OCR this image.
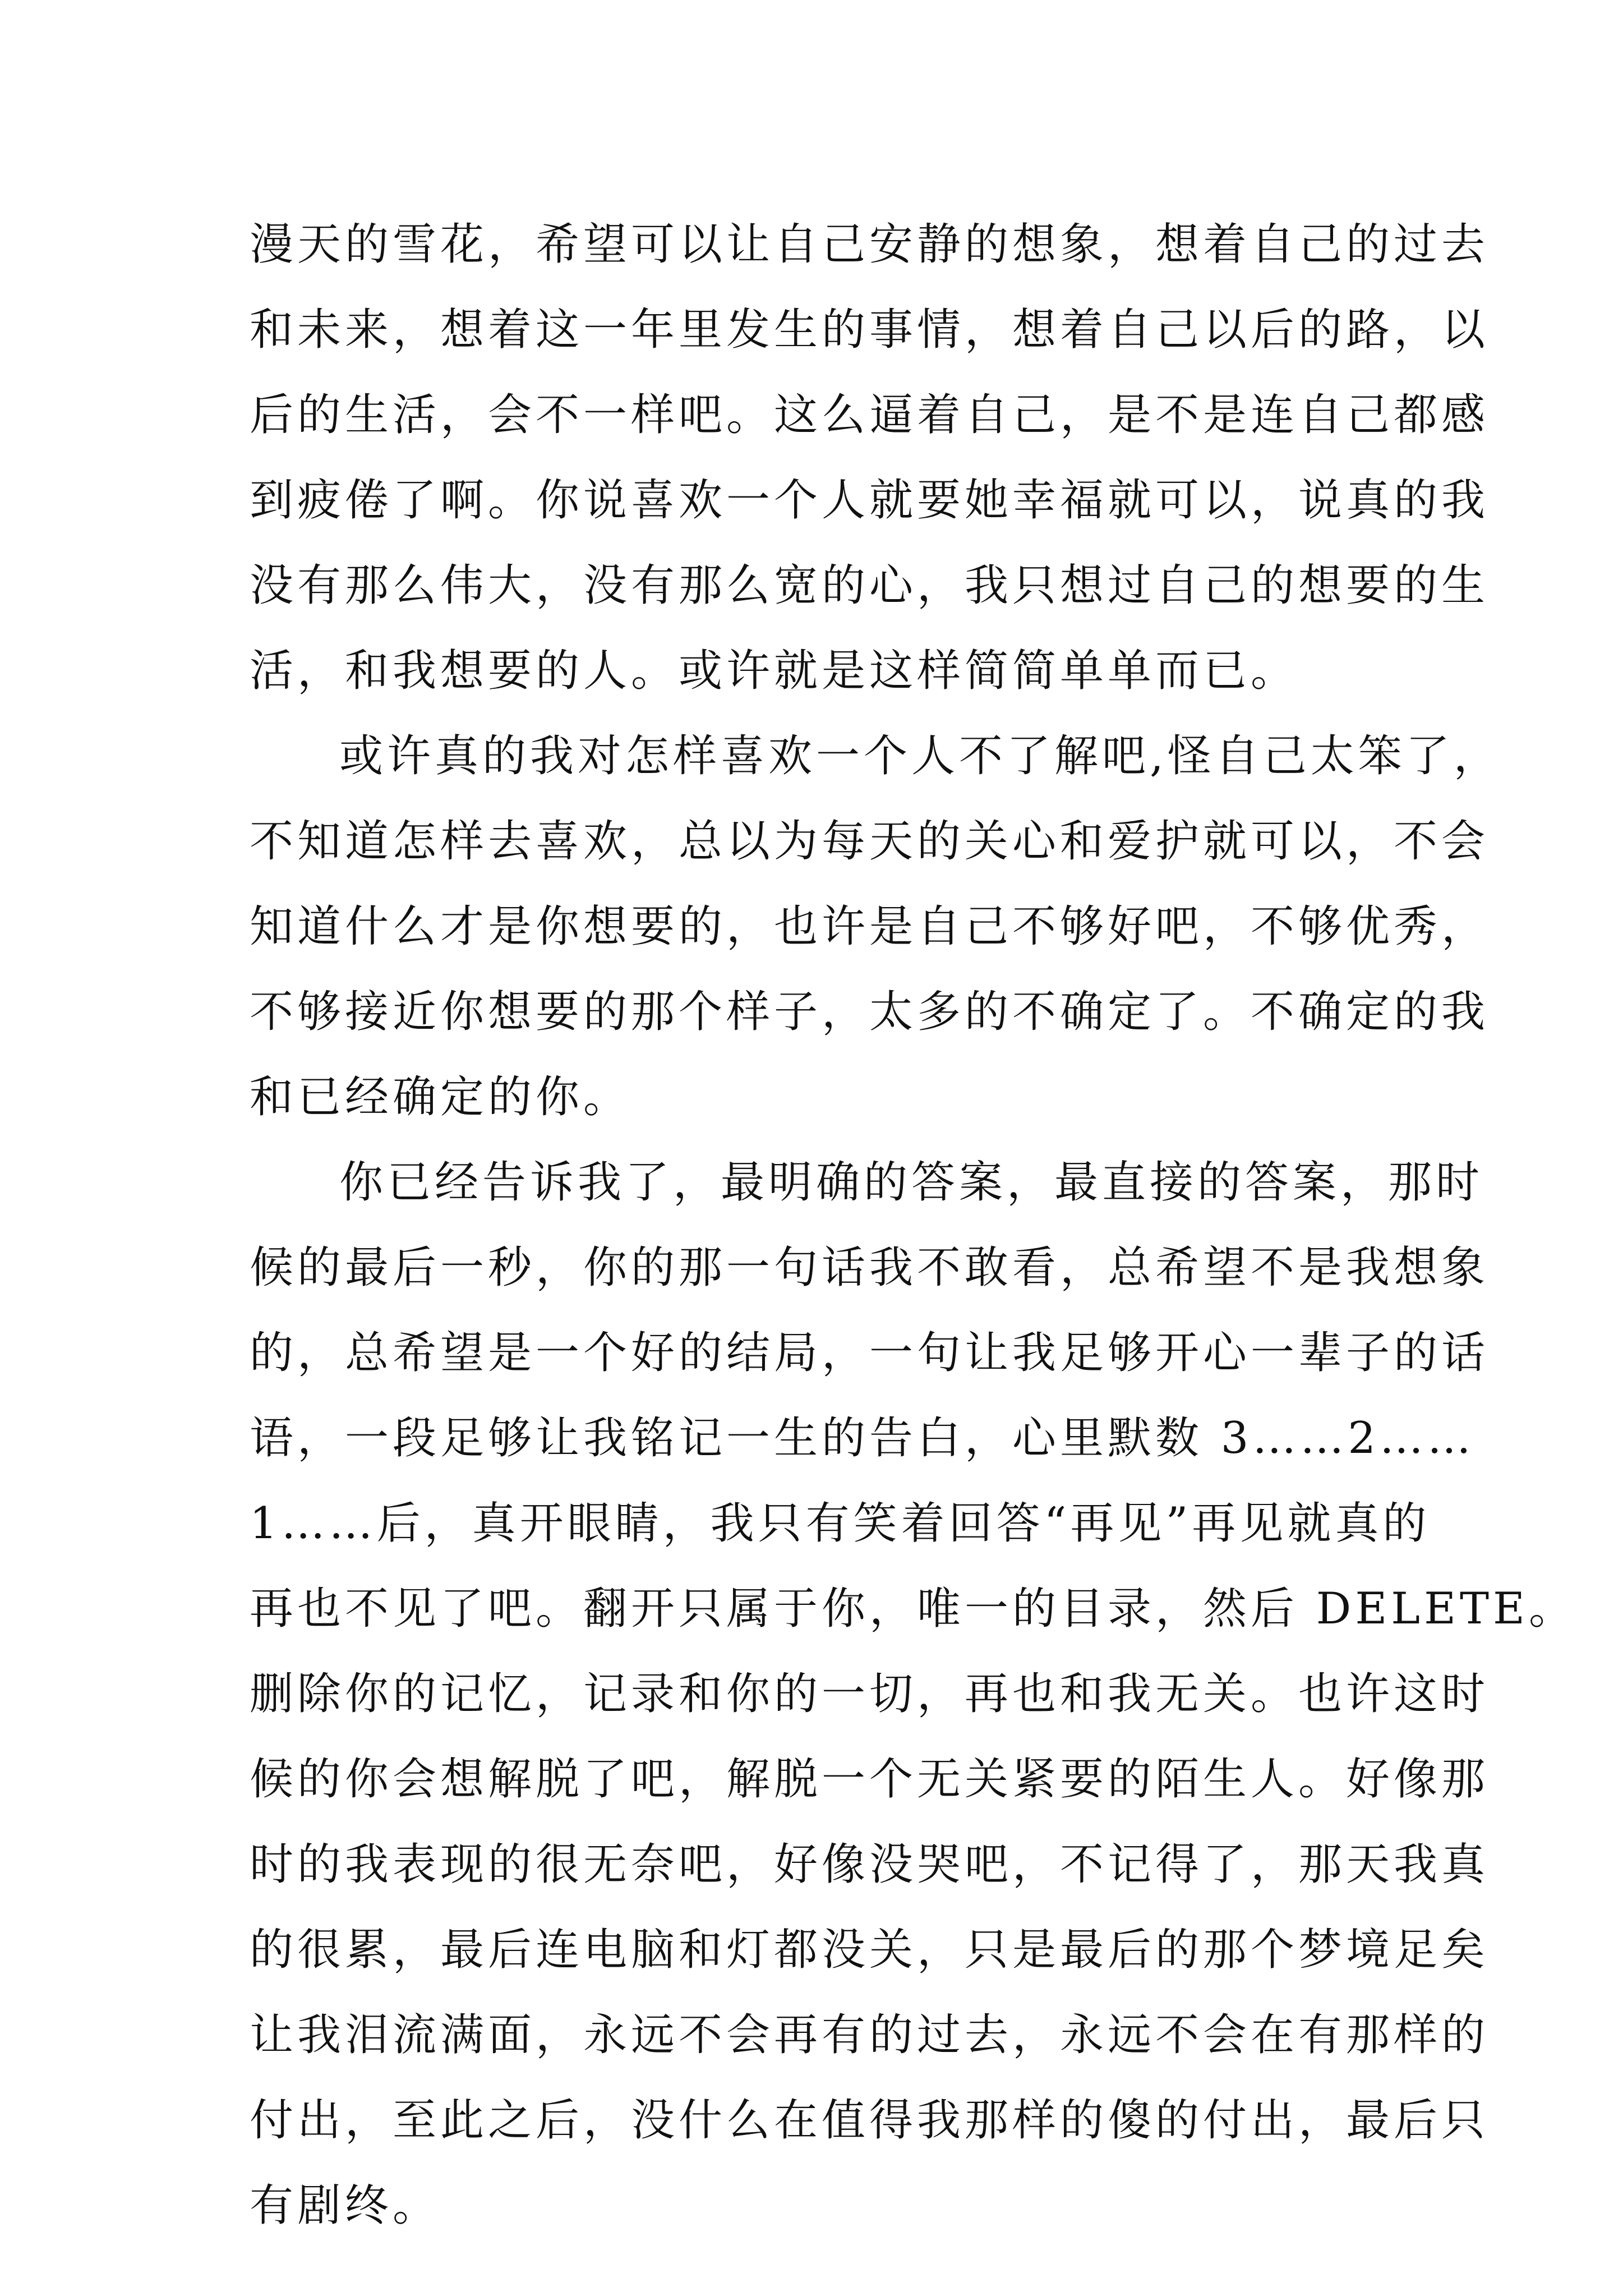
漫天的雪花，希望可以让自己安静的想象，想着自己的过去
和未来，想着这一年里发生的事情，想着自己以后的路，以
后的生活，会不一样吧。这么逼着自己，是不是连自己都感
到疲倦了啊。你说喜欢一个人就要她幸福就可以，说真的我
没有那么伟大，没有那么宽的心，我只想过自己的想要的生
活，和我想要的人。或许就是这样简简单单而已。
或许真的我对怎样喜欢一个人不了解吧,怪自己太笨了，
不知道怎样去喜欢，总以为每天的关心和爱护就可以，不会
知道什么才是你想要的，也许是自己不够好吧，不够优秀，
不够接近你想要的那个样子，太多的不确定了。不确定的我
和已经确定的你。
你已经告诉我了，最明确的答案，最直接的答案，那时
候的最后一秒，你的那一句话我不敢看，总希望不是我想象
的，总希望是一个好的结局，一句让我足够开心一辈子的话
语，一段足够让我铭记一生的告白，心里默数 3……2……
1……后，真开眼睛，我只有笑着回答“再见”再见就真的
再也不见了吧。翻开只属于你，唯一的目录，然后 DELETE。
删除你的记忆，记录和你的一切，再也和我无关。也许这时
候的你会想解脱了吧，解脱一个无关紧要的陌生人。好像那
时的我表现的很无奈吧，好像没哭吧，不记得了，那天我真
的很累，最后连电脑和灯都没关，只是最后的那个梦境足矣
让我泪流满面，永远不会再有的过去，永远不会在有那样的
付出，至此之后，没什么在值得我那样的傻的付出，最后只
有剧终。
